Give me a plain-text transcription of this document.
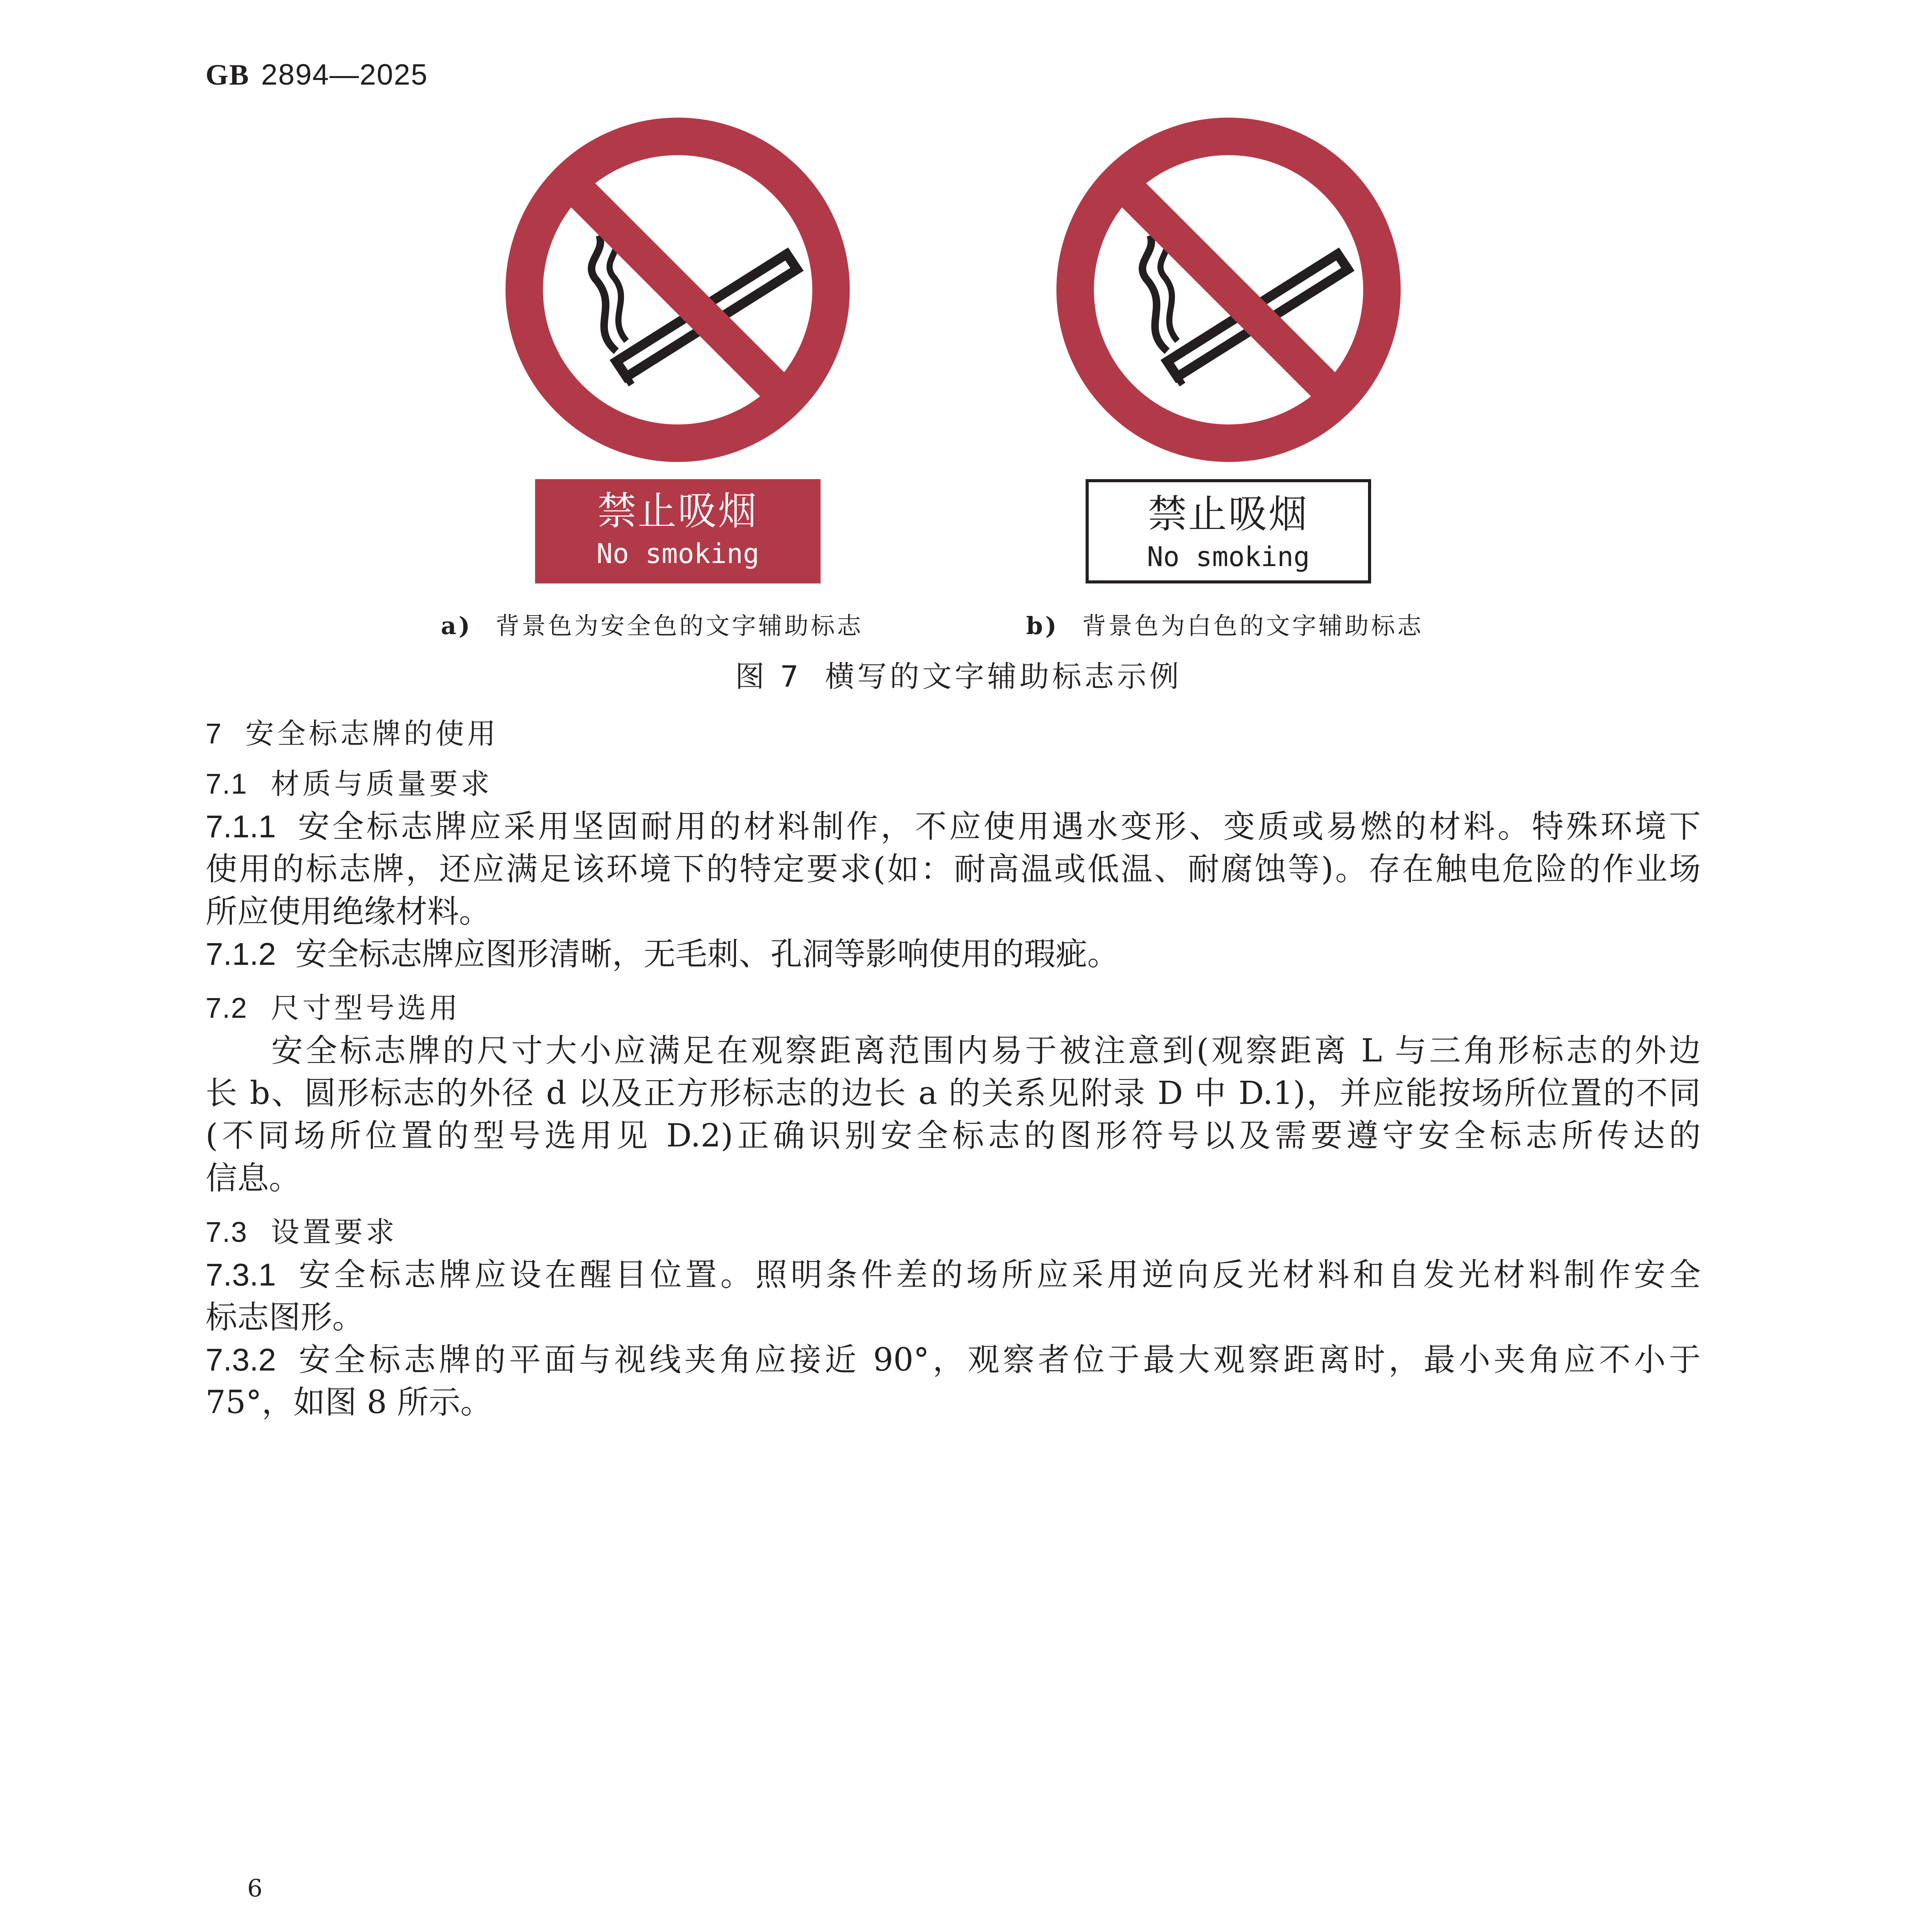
GB 2894—2025
禁止吸烟
No smoking
禁止吸烟
No smoking
a) 背景色为安全色的文字辅助标志	b) 背景色为白色的文字辅助标志
图 7 横写的文字辅助标志示例
7 安全标志牌的使用
7.1 材质与质量要求
7.1.1 安全标志牌应采用坚固耐用的材料制作，不应使用遇水变形、变质或易燃的材料。特殊环境下
使用的标志牌，还应满足该环境下的特定要求(如：耐高温或低温、耐腐蚀等)。存在触电危险的作业场
所应使用绝缘材料。
7.1.2 安全标志牌应图形清晰，无毛刺、孔洞等影响使用的瑕疵。
7.2 尺寸型号选用
安全标志牌的尺寸大小应满足在观察距离范围内易于被注意到(观察距离 L 与三角形标志的外边
长 b、圆形标志的外径 d 以及正方形标志的边长 a 的关系见附录 D 中 D.1)，并应能按场所位置的不同
(不同场所位置的型号选用见 D.2)正确识别安全标志的图形符号以及需要遵守安全标志所传达的
信息。
7.3 设置要求
7.3.1 安全标志牌应设在醒目位置。照明条件差的场所应采用逆向反光材料和自发光材料制作安全
标志图形。
7.3.2 安全标志牌的平面与视线夹角应接近 90°，观察者位于最大观察距离时，最小夹角应不小于
75°，如图 8 所示。
6
